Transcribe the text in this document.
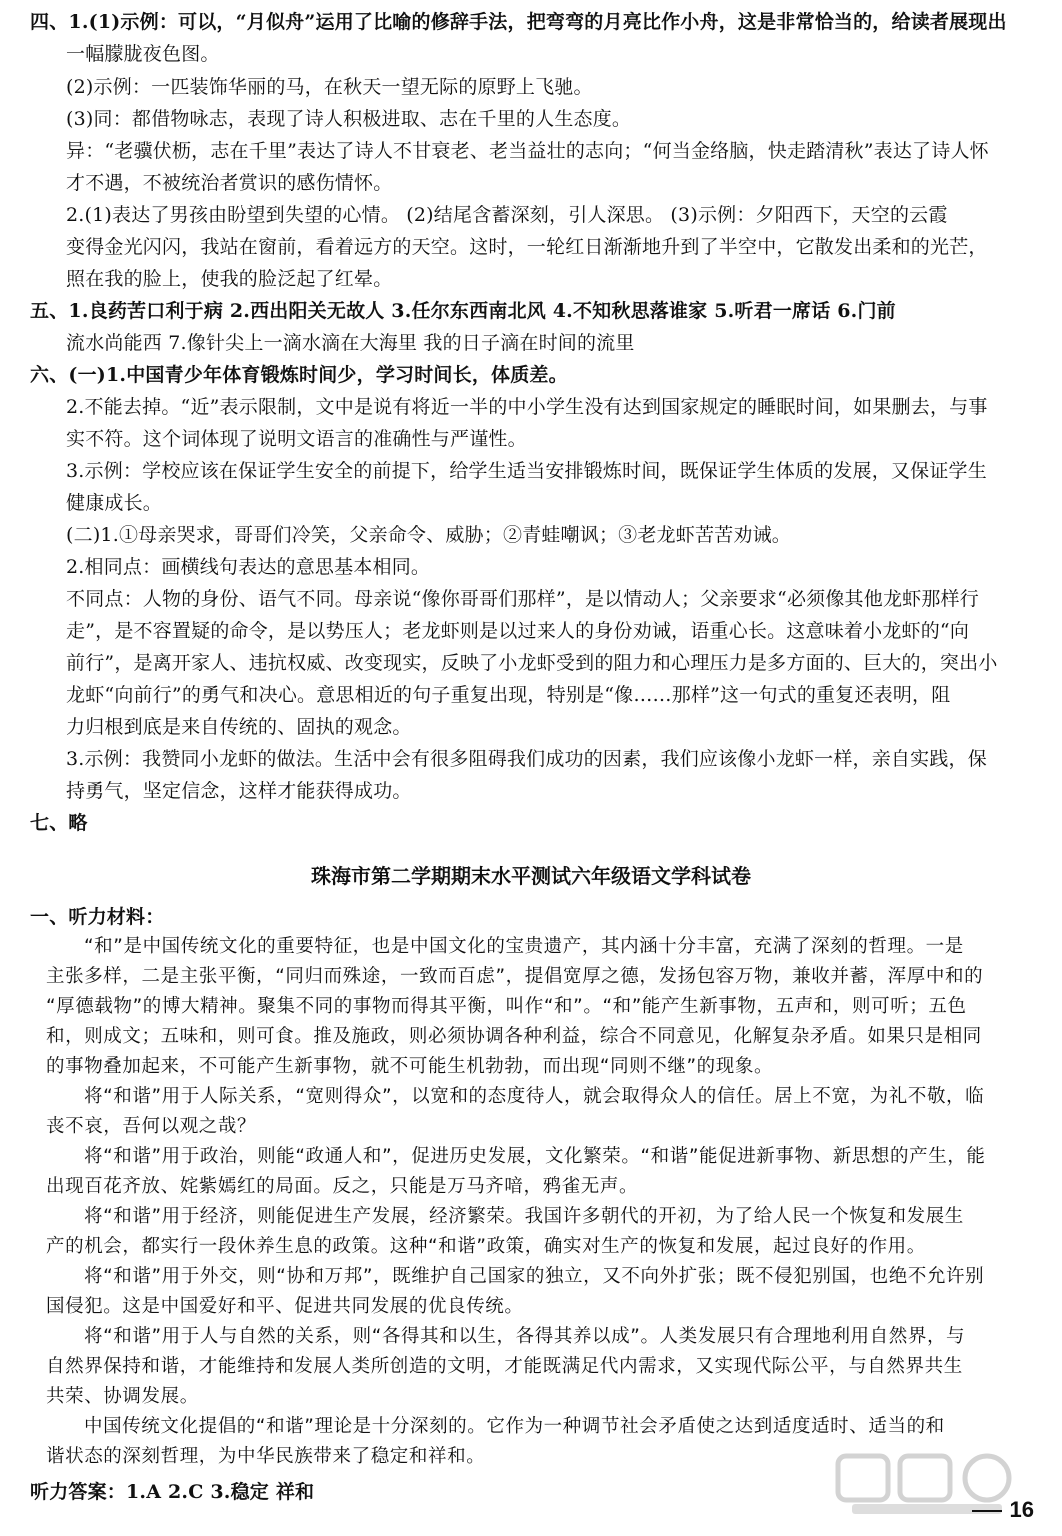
四、1.(1)示例：可以，“月似舟”运用了比喻的修辞手法，把弯弯的月亮比作小舟，这是非常恰当的，给读者展现出
一幅朦胧夜色图。
(2)示例：一匹装饰华丽的马，在秋天一望无际的原野上飞驰。
(3)同：都借物咏志，表现了诗人积极进取、志在千里的人生态度。
异：“老骥伏枥，志在千里”表达了诗人不甘衰老、老当益壮的志向；“何当金络脑，快走踏清秋”表达了诗人怀
才不遇，不被统治者赏识的感伤情怀。
2.(1)表达了男孩由盼望到失望的心情。 (2)结尾含蓄深刻，引人深思。 (3)示例：夕阳西下，天空的云霞
变得金光闪闪，我站在窗前，看着远方的天空。这时，一轮红日渐渐地升到了半空中，它散发出柔和的光芒，
照在我的脸上，使我的脸泛起了红晕。
五、1.良药苦口利于病 2.西出阳关无故人 3.任尔东西南北风 4.不知秋思落谁家 5.听君一席话 6.门前
流水尚能西 7.像针尖上一滴水滴在大海里 我的日子滴在时间的流里
六、(一)1.中国青少年体育锻炼时间少，学习时间长，体质差。
2.不能去掉。“近”表示限制，文中是说有将近一半的中小学生没有达到国家规定的睡眠时间，如果删去，与事
实不符。这个词体现了说明文语言的准确性与严谨性。
3.示例：学校应该在保证学生安全的前提下，给学生适当安排锻炼时间，既保证学生体质的发展，又保证学生
健康成长。
(二)1.①母亲哭求，哥哥们冷笑，父亲命令、威胁；②青蛙嘲讽；③老龙虾苦苦劝诫。
2.相同点：画横线句表达的意思基本相同。
不同点：人物的身份、语气不同。母亲说“像你哥哥们那样”，是以情动人；父亲要求“必须像其他龙虾那样行
走”，是不容置疑的命令，是以势压人；老龙虾则是以过来人的身份劝诫，语重心长。这意味着小龙虾的“向
前行”，是离开家人、违抗权威、改变现实，反映了小龙虾受到的阻力和心理压力是多方面的、巨大的，突出小
龙虾“向前行”的勇气和决心。意思相近的句子重复出现，特别是“像……那样”这一句式的重复还表明，阻
力归根到底是来自传统的、固执的观念。
3.示例：我赞同小龙虾的做法。生活中会有很多阻碍我们成功的因素，我们应该像小龙虾一样，亲自实践，保
持勇气，坚定信念，这样才能获得成功。
七、略
珠海市第二学期期末水平测试六年级语文学科试卷
一、听力材料：
“和”是中国传统文化的重要特征，也是中国文化的宝贵遗产，其内涵十分丰富，充满了深刻的哲理。一是
主张多样，二是主张平衡，“同归而殊途，一致而百虑”，提倡宽厚之德，发扬包容万物，兼收并蓄，浑厚中和的
“厚德载物”的博大精神。聚集不同的事物而得其平衡，叫作“和”。“和”能产生新事物，五声和，则可听；五色
和，则成文；五味和，则可食。推及施政，则必须协调各种利益，综合不同意见，化解复杂矛盾。如果只是相同
的事物叠加起来，不可能产生新事物，就不可能生机勃勃，而出现“同则不继”的现象。
将“和谐”用于人际关系，“宽则得众”，以宽和的态度待人，就会取得众人的信任。居上不宽，为礼不敬，临
丧不哀，吾何以观之哉？
将“和谐”用于政治，则能“政通人和”，促进历史发展，文化繁荣。“和谐”能促进新事物、新思想的产生，能
出现百花齐放、姹紫嫣红的局面。反之，只能是万马齐喑，鸦雀无声。
将“和谐”用于经济，则能促进生产发展，经济繁荣。我国许多朝代的开初，为了给人民一个恢复和发展生
产的机会，都实行一段休养生息的政策。这种“和谐”政策，确实对生产的恢复和发展，起过良好的作用。
将“和谐”用于外交，则“协和万邦”，既维护自己国家的独立，又不向外扩张；既不侵犯别国，也绝不允许别
国侵犯。这是中国爱好和平、促进共同发展的优良传统。
将“和谐”用于人与自然的关系，则“各得其和以生，各得其养以成”。人类发展只有合理地利用自然界，与
自然界保持和谐，才能维持和发展人类所创造的文明，才能既满足代内需求，又实现代际公平，与自然界共生
共荣、协调发展。
中国传统文化提倡的“和谐”理论是十分深刻的。它作为一种调节社会矛盾使之达到适度适时、适当的和
谐状态的深刻哲理，为中华民族带来了稳定和祥和。
听力答案：1.A 2.C 3.稳定 祥和
16
